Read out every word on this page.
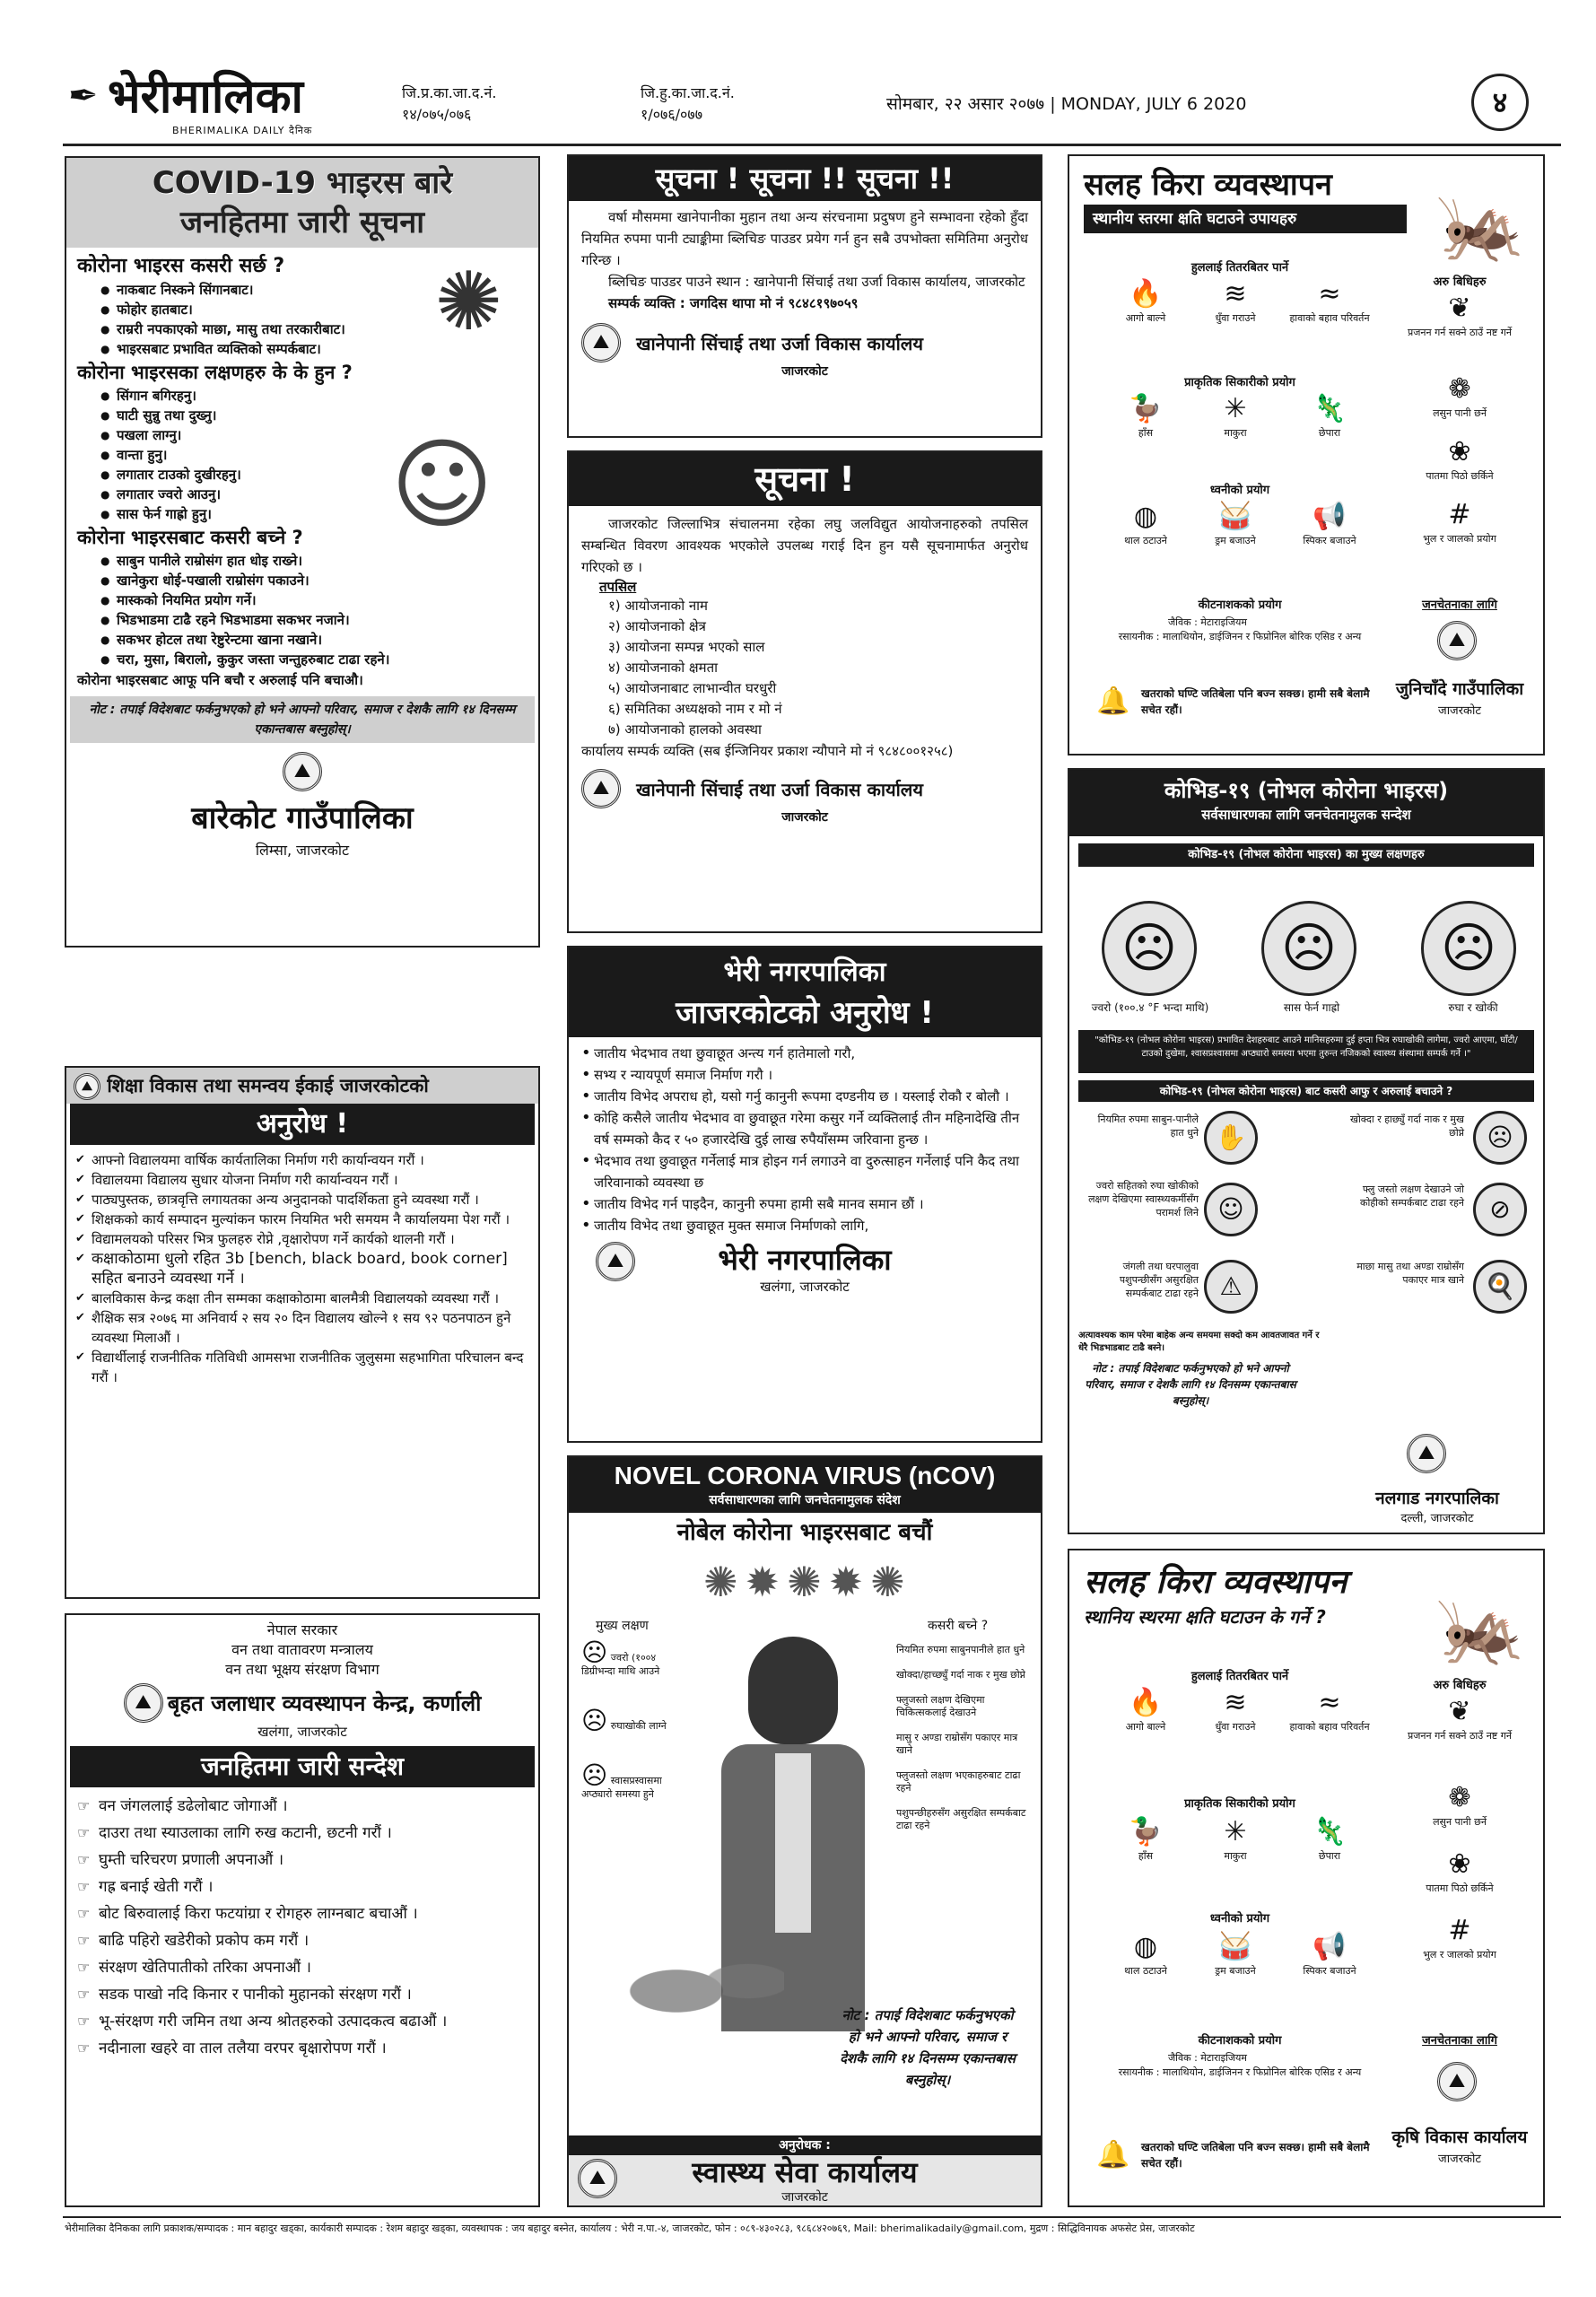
✒ भेरीमालिका
BHERIMALIKA DAILY दैनिक
जि.प्र.का.जा.द.नं.
१४/०७५/०७६
जि.हु.का.जा.द.नं.
१/०७६/०७७
सोमबार, २२ असार २०७७ | MONDAY, JULY 6 2020	४
COVID-19 भाइरस बारे
जनहितमा जारी सूचना
✺
कोरोना भाइरस कसरी सर्छ ?
● नाकबाट निस्कने सिंगानबाट।
● फोहोर हातबाट।
● राम्ररी नपकाएको माछा, मासु तथा तरकारीबाट।
● भाइरसबाट प्रभावित व्यक्तिको सम्पर्कबाट।
कोरोना भाइरसका लक्षणहरु के के हुन ?
☺
● सिंगान बगिरहनु।
● घाटी सुन्नु तथा दुख्नु।
● पखला लाग्नु।
● वान्ता हुनु।
● लगातार टाउको दुखीरहनु।
● लगातार ज्वरो आउनु।
● सास फेर्न गाह्रो हुनु।
कोरोना भाइरसबाट कसरी बच्ने ?
● साबुन पानीले राम्रोसंग हात धोइ राख्ने।
● खानेकुरा धोई-पखाली राम्रोसंग पकाउने।
● मास्कको नियमित प्रयोग गर्ने।
● भिडभाडमा टाढै रहने भिडभाडमा सकभर नजाने।
● सकभर होटल तथा रेष्टुरेन्टमा खाना नखाने।
● चरा, मुसा, बिरालो, कुकुर जस्ता जन्तुहरुबाट टाढा रहने।
कोरोना भाइरसबाट आफू पनि बचौ र अरुलाई पनि बचाऔ।
नोट : तपाई विदेशबाट फर्कनुभएको हो भने आफ्नो परिवार, समाज र देशकै लागि १४ दिनसम्म एकान्तबास बस्नुहोस्।
⛰
बारेकोट गाउँपालिका
लिम्सा, जाजरकोट
⛰ शिक्षा विकास तथा समन्वय ईकाई जाजरकोटको
अनुरोध !
✔ आफ्नो विद्यालयमा वार्षिक कार्यतालिका निर्माण गरी कार्यान्वयन गरौं ।
✔ विद्यालयमा विद्यालय सुधार योजना निर्माण गरी कार्यान्वयन गरौं ।
✔ पाठ्यपुस्तक, छात्रवृत्ति लगायतका अन्य अनुदानको पादर्शिकता हुने व्यवस्था गरौं ।
✔ शिक्षकको कार्य सम्पादन मुल्यांकन फारम नियमित भरी समयम नै कार्यालयमा पेश गरौं ।
✔ विद्यामलयको परिसर भित्र फुलहरु रोप्ने ,वृक्षारोपण गर्ने कार्यको थालनी गरौं ।
✔ कक्षाकोठामा धुलो रहित 3b [bench, black board, book corner] सहित बनाउने व्यवस्था गर्ने ।
✔ बालविकास केन्द्र कक्षा तीन सम्मका कक्षाकोठामा बालमैत्री विद्यालयको व्यवस्था गरौं ।
✔ शैक्षिक सत्र २०७६ मा अनिवार्य २ सय २० दिन विद्यालय खोल्ने १ सय ९२ पठनपाठन हुने व्यवस्था मिलाऔं ।
✔ विद्यार्थीलाई राजनीतिक गतिविधी आमसभा राजनीतिक जुलुसमा सहभागिता परिचालन बन्द गरौं ।
नेपाल सरकार
वन तथा वातावरण मन्त्रालय
वन तथा भूक्षय संरक्षण विभाग
⛰ बृहत जलाधार व्यवस्थापन केन्द्र, कर्णाली
खलंगा, जाजरकोट
जनहितमा जारी सन्देश
☞ वन जंगललाई डढेलोबाट जोगाऔं ।
☞ दाउरा तथा स्याउलाका लागि रुख कटानी, छटनी गरौं ।
☞ घुम्ती चरिचरण प्रणाली अपनाऔं ।
☞ गह्र बनाई खेती गरौं ।
☞ बोट बिरुवालाई किरा फटयांग्रा र रोगहरु लाग्नबाट बचाऔं ।
☞ बाढि पहिरो खडेरीको प्रकोप कम गरौं ।
☞ संरक्षण खेतिपातीको तरिका अपनाऔं ।
☞ सडक पाखो नदि किनार र पानीको मुहानको संरक्षण गरौं ।
☞ भू-संरक्षण गरी जमिन तथा अन्य श्रोतहरुको उत्पादकत्व बढाऔं ।
☞ नदीनाला खहरे वा ताल तलैया वरपर बृक्षारोपण गरौं ।
सूचना ! सूचना !! सूचना !!

वर्षा मौसममा खानेपानीका मुहान तथा अन्य संरचनामा प्रदुषण हुने सम्भावना रहेको हुँदा नियमित रुपमा पानी ट्याङ्कीमा ब्लिचिङ पाउडर प्रयेग गर्न हुन सबै उपभोक्ता समितिमा अनुरोध गरिन्छ ।

ब्लिचिङ पाउडर पाउने स्थान : खानेपानी सिंचाई तथा उर्जा विकास कार्यालय, जाजरकोट

सम्पर्क व्यक्ति : जगदिस थापा मो नं ९८४८१९७०५९

⛰ खानेपानी सिंचाई तथा उर्जा विकास कार्यालय
जाजरकोट
सूचना !

जाजरकोट जिल्लाभित्र संचालनमा रहेका लघु जलविद्युत आयोजनाहरुको तपसिल सम्बन्धित विवरण आवश्यक भएकोले उपलब्ध गराई दिन हुन यसै सूचनामार्फत अनुरोध गरिएको छ ।

तपसिल
१) आयोजनाको नाम
२) आयोजनाको क्षेत्र
३) आयोजना सम्पन्न भएको साल
४) आयोजनाको क्षमता
५) आयोजनाबाट लाभान्वीत घरधुरी
६) समितिका अध्यक्षको नाम र मो नं
७) आयोजनाको हालको अवस्था

कार्यालय सम्पर्क व्यक्ति (सब ईन्जिनियर प्रकाश न्यौपाने मो नं ९८४८००१२५८)

⛰ खानेपानी सिंचाई तथा उर्जा विकास कार्यालय
जाजरकोट
भेरी नगरपालिका
जाजरकोटको अनुरोध !
• जातीय भेदभाव तथा छुवाछूत अन्त्य गर्न हातेमालो गरौ,
• सभ्य र न्यायपूर्ण समाज निर्माण गरौ ।
• जातीय विभेद अपराध हो, यसो गर्नु कानुनी रूपमा दण्डनीय छ । यस्लाई रोकौ र बोलौ ।
• कोहि कसैले जातीय भेदभाव वा छुवाछूत गरेमा कसुर गर्ने व्यक्तिलाई तीन महिनादेखि तीन वर्ष सम्मको कैद र ५० हजारदेखि दुई लाख रुपैयाँसम्म जरिवाना हुन्छ ।
• भेदभाव तथा छुवाछूत गर्नेलाई मात्र होइन गर्न लगाउने वा दुरुत्साहन गर्नेलाई पनि कैद तथा जरिवानाको व्यवस्था छ
• जातीय विभेद गर्न पाइदैन, कानुनी रुपमा हामी सबै मानव समान छौं ।
• जातीय विभेद तथा छुवाछूत मुक्त समाज निर्माणको लागि,
⛰	भेरी नगरपालिका
खलंगा, जाजरकोट
NOVEL CORONA VIRUS (nCOV)
सर्वसाधारणका लागि जनचेतनामुलक संदेश
नोबेल कोरोना भाइरसबाट बचौं
✺✹✺✹✺
मुख्य लक्षण	कसरी बच्ने ?
☹ ज्वरो (१००४ डिग्रीभन्दा माथि आउने
☹ रुघाखोकी लाग्ने
☹ स्वासप्रस्वासमा अप्ठ्यारो समस्या हुने
नियमित रुपमा साबुनपानीले हात धुने
खोक्दा/हाच्छ्युँ गर्दा नाक र मुख छोप्ने
फ्लुजस्तो लक्षण देखिएमा चिकित्सकलाई देखाउने
मासु र अण्डा राम्रोसँग पकाएर मात्र खाने
फ्लुजस्तो लक्षण भएकाहरुबाट टाढा रहने
पशुपन्छीहरुसँग असुरक्षित सम्पर्कबाट टाढा रहने
नोट : तपाई विदेशबाट फर्कनुभएको हो भने आफ्नो परिवार, समाज र देशकै लागि १४ दिनसम्म एकान्तबास बस्नुहोस्।
अनुरोधक :
⛰	स्वास्थ्य सेवा कार्यालय
जाजरकोट
सलह किरा व्यवस्थापन
स्थानीय स्तरमा क्षति घटाउने उपायहरु	🦗
हुललाई तितरबितर पार्ने
🔥
आगो बाल्ने
≋
धुँवा गराउने
≈
हावाको बहाव परिवर्तन
प्राकृतिक सिकारीको प्रयोग
🦆
हाँस
✳
माकुरा
🦎
छेपारा
ध्वनीको प्रयोग
◍
थाल ठटाउने
🥁
ड्रम बजाउने
📢
स्पिकर बजाउने
कीटनाशकको प्रयोग
जैविक : मेटाराइजियम
रसायनीक : मालाथियोन, डाईजिनन र फिप्रोनिल बोरिक एसिड र अन्य
🔔 खतराको घण्टि जतिबेला पनि बज्न सक्छ। हामी सबै बेलामै सचेत रहौं।
अरु बिधिहरु
❦
प्रजनन गर्न सक्ने ठाउँ नष्ट गर्ने
❁
लसुन पानी छर्ने
❀
पातमा पिठो छर्किने
#
भुल र जालको प्रयोग
जनचेतनाका लागि
⛰
जुनिचाँदे गाउँपालिका
जाजरकोट
कोभिड-१९ (नोभल कोरोना भाइरस)
सर्वसाधारणका लागि जनचेतनामुलक सन्देश
कोभिड-१९ (नोभल कोरोना भाइरस) का मुख्य लक्षणहरु
☹	☹	☹
ज्वरो (१००.४ °F भन्दा माथि)	सास फेर्न गाह्रो	रुघा र खोकी
"कोभिड-१९ (नोभल कोरोना भाइरस) प्रभावित देशहरुबाट आउने मानिसहरुमा दुई हप्ता भित्र रुघाखोकी लागेमा, ज्वरो आएमा, घाँटी/टाउको दुखेमा, श्वासप्रश्वासमा अप्ठ्यारो समस्या भएमा तुरुन्त नजिकको स्वास्थ्य संस्थामा सम्पर्क गर्ने ।"
कोभिड-१९ (नोभल कोरोना भाइरस) बाट कसरी आफु र अरुलाई बचाउने ?
नियमित रुपमा साबुन-पानीले हात धुने
ज्वरो सहितको रुघा खोकीको लक्षण देखिएमा स्वास्थ्यकर्मीसँग परामर्श लिने
जंगली तथा घरपालुवा पशुपन्छीसँग असुरक्षित सम्पर्कबाट टाढा रहने
✋
☺
⚠
खोक्दा र हाछ्युँ गर्दा नाक र मुख छोप्ने
फ्लु जस्तो लक्षण देखाउने जो कोहीको सम्पर्कबाट टाढा रहने
माछा मासु तथा अण्डा राम्रोसँग पकाएर मात्र खाने
☹
⊘
🍳
अत्यावश्यक काम परेमा बाहेक अन्य समयमा सक्दो कम आवतजावत गर्ने र धेरै भिडभाडबाट टाढै बस्ने।
नोट : तपाई विदेशबाट फर्कनुभएको हो भने आफ्नो परिवार, समाज र देशकै लागि १४ दिनसम्म एकान्तबास बस्नुहोस्।
⛰
नलगाड नगरपालिका
दल्ली, जाजरकोट
सलह किरा व्यवस्थापन
स्थानिय स्थरमा क्षति घटाउन के गर्ने ?	🦗
हुललाई तितरबितर पार्ने
🔥
आगो बाल्ने
≋
धुँवा गराउने
≈
हावाको बहाव परिवर्तन
प्राकृतिक सिकारीको प्रयोग
🦆
हाँस
✳
माकुरा
🦎
छेपारा
ध्वनीको प्रयोग
◍
थाल ठटाउने
🥁
ड्रम बजाउने
📢
स्पिकर बजाउने
कीटनाशकको प्रयोग
जैविक : मेटाराइजियम
रसायनीक : मालाथियोन, डाईजिनन र फिप्रोनिल बोरिक एसिड र अन्य
🔔 खतराको घण्टि जतिबेला पनि बज्न सक्छ। हामी सबै बेलामै सचेत रहौं।
अरु बिधिहरु
❦
प्रजनन गर्न सक्ने ठाउँ नष्ट गर्ने
❁
लसुन पानी छर्ने
❀
पातमा पिठो छर्किने
#
भुल र जालको प्रयोग
जनचेतनाका लागि
⛰
कृषि विकास कार्यालय
जाजरकोट
भेरीमालिका दैनिकका लागि प्रकाशक/सम्पादक : मान बहादुर खड्का, कार्यकारी सम्पादक : रेशम बहादुर खड्का, व्यवस्थापक : जय बहादुर बस्नेत, कार्यालय : भेरी न.पा.-४, जाजरकोट, फोन : ०८९-४३०२८३, ९८६८४२०७६९, Mail: bherimalikadaily@gmail.com, मुद्रण : सिद्धिविनायक अफसेट प्रेस, जाजरकोट
